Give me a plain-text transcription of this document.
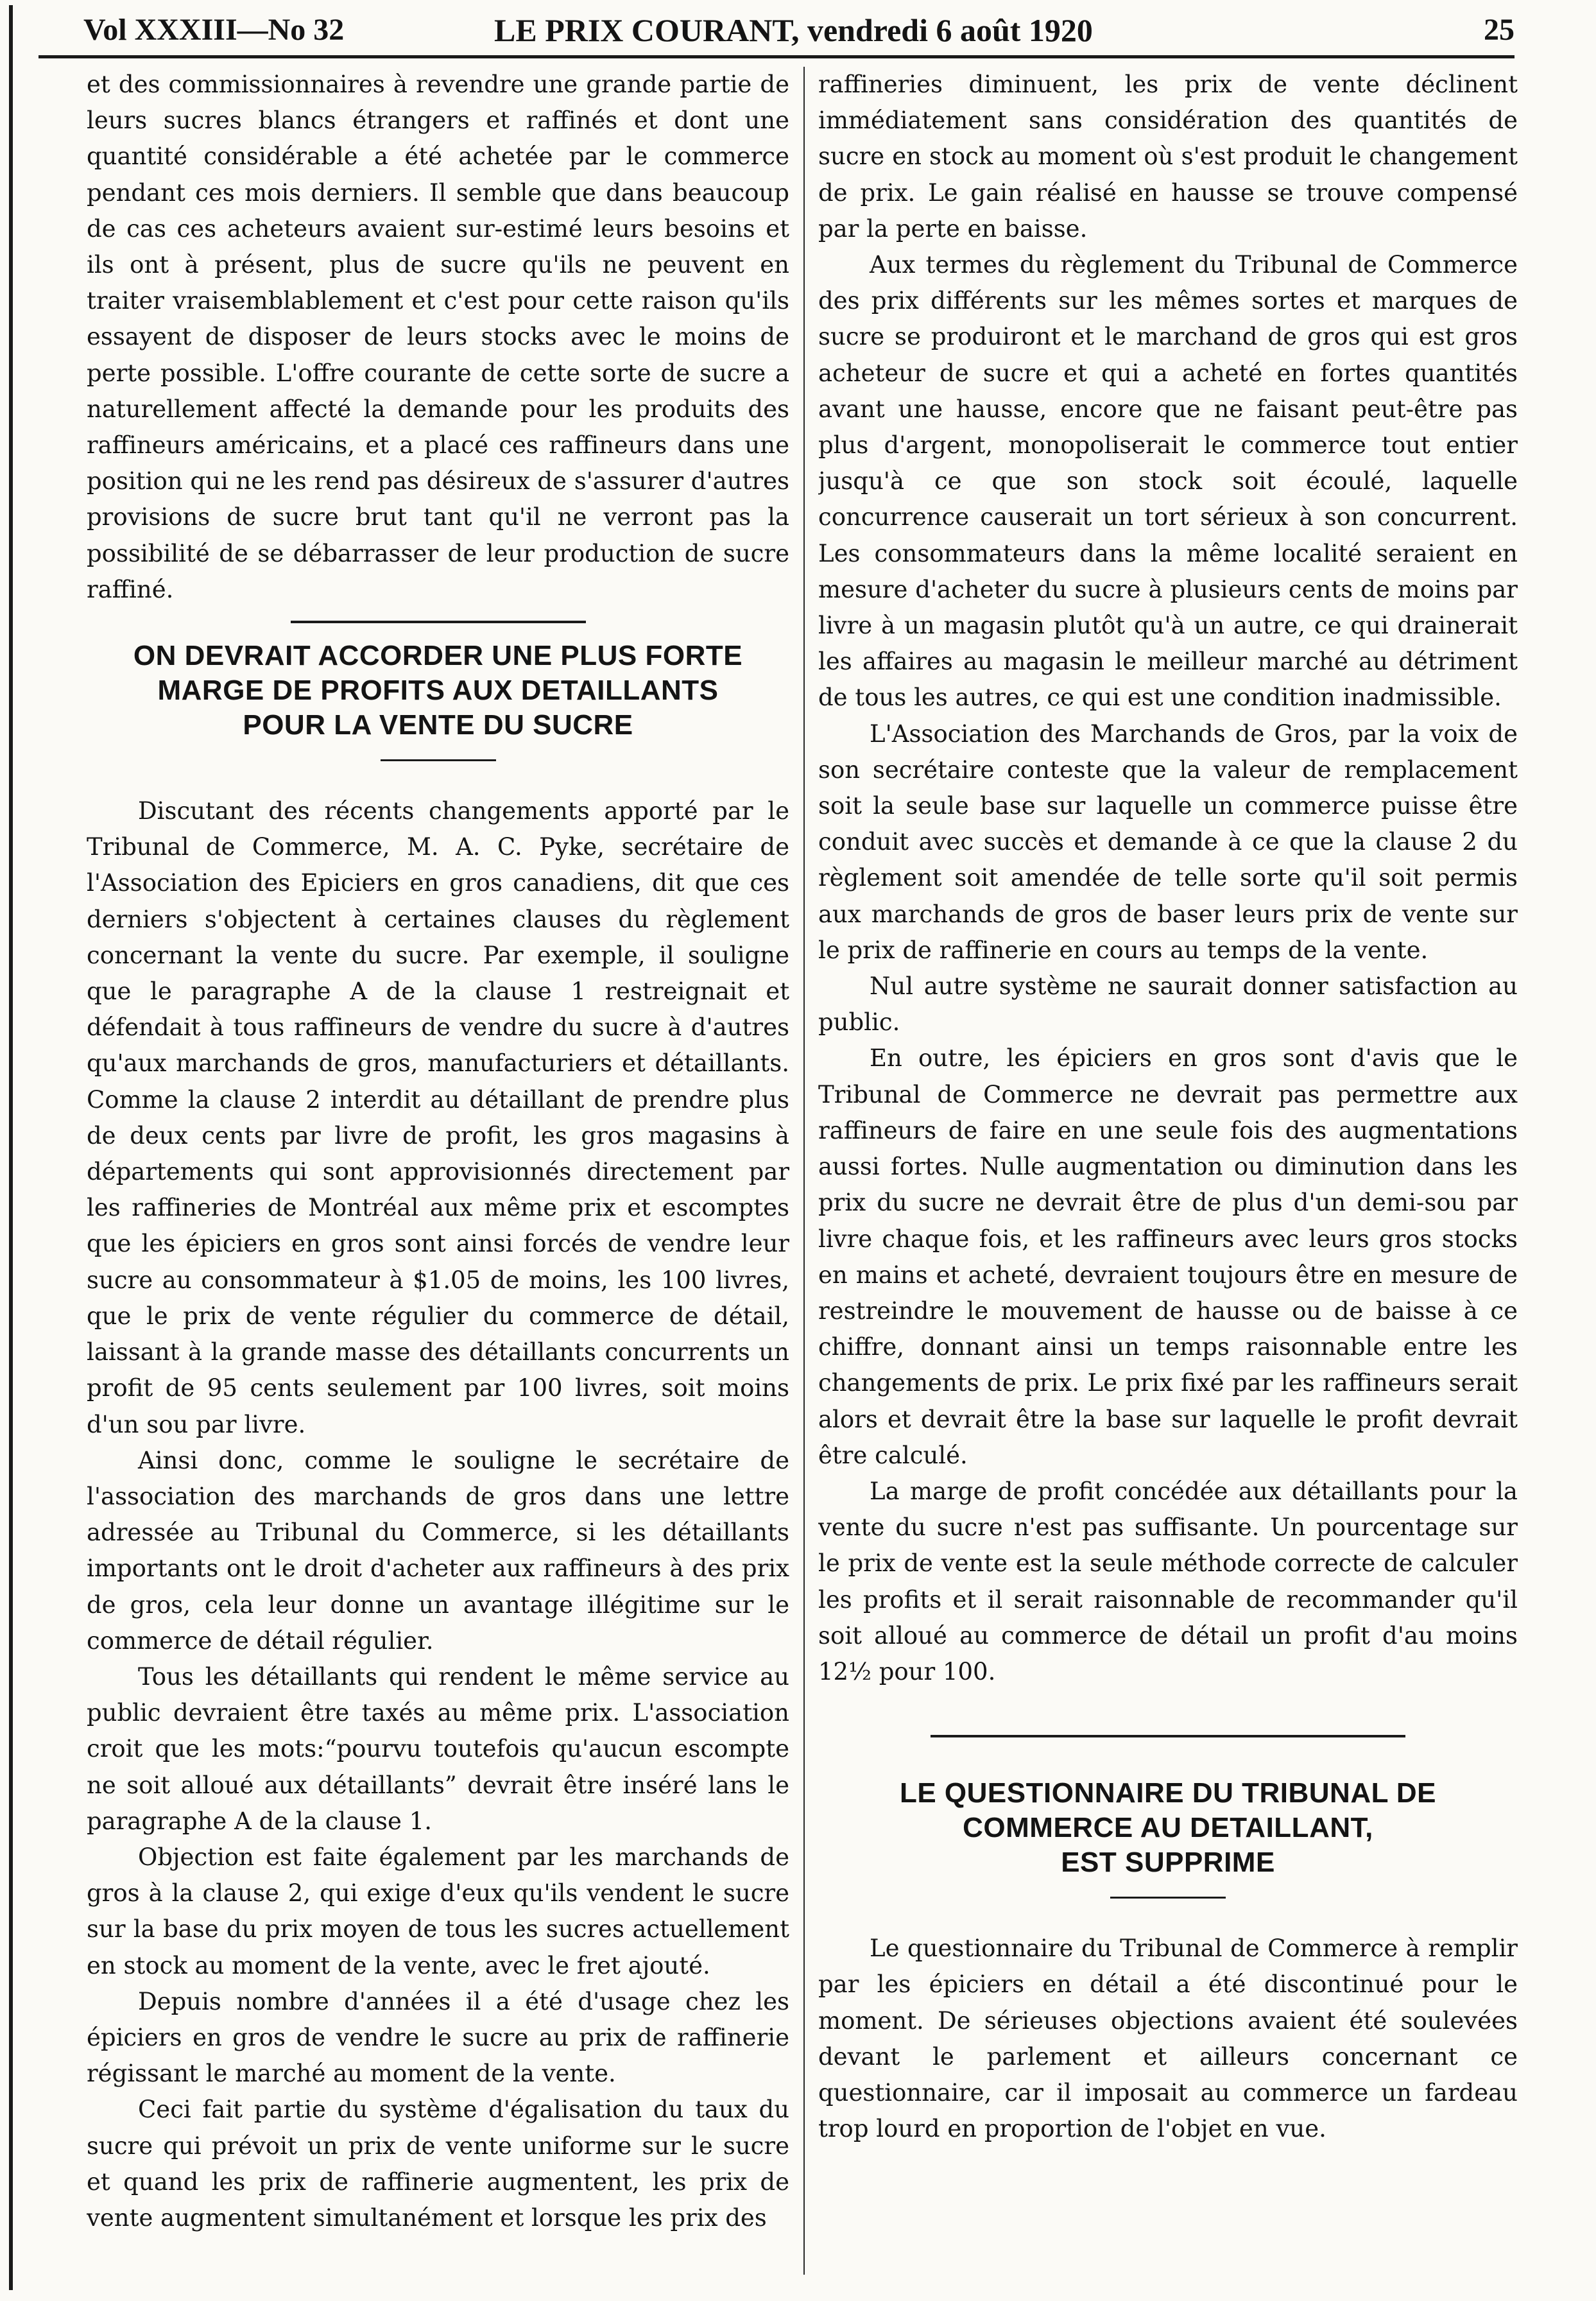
Vol XXXIII—No 32	LE PRIX COURANT, vendredi 6 août 1920	25

et des commissionnaires à revendre une grande partie de leurs sucres blancs étrangers et raffinés et dont une quantité considérable a été achetée par le commerce pendant ces mois derniers. Il semble que dans beaucoup de cas ces acheteurs avaient sur-estimé leurs besoins et ils ont à présent, plus de sucre qu'ils ne peuvent en traiter vraisemblablement et c'est pour cette raison qu'ils essayent de disposer de leurs stocks avec le moins de perte possible. L'offre courante de cette sorte de sucre a naturellement affecté la demande pour les produits des raffineurs américains, et a placé ces raffineurs dans une position qui ne les rend pas désireux de s'assurer d'autres provisions de sucre brut tant qu'il ne verront pas la possibilité de se débarrasser de leur production de sucre raffiné.

ON DEVRAIT ACCORDER UNE PLUS FORTE
MARGE DE PROFITS AUX DETAILLANTS
POUR LA VENTE DU SUCRE

Discutant des récents changements apporté par le Tribunal de Commerce, M. A. C. Pyke, secrétaire de l'Association des Epiciers en gros canadiens, dit que ces derniers s'objectent à certaines clauses du règlement concernant la vente du sucre. Par exemple, il souligne que le paragraphe A de la clause 1 restreignait et défendait à tous raffineurs de vendre du sucre à d'autres qu'aux marchands de gros, manufacturiers et détaillants. Comme la clause 2 interdit au détaillant de prendre plus de deux cents par livre de profit, les gros magasins à départements qui sont approvisionnés directement par les raffineries de Montréal aux même prix et escomptes que les épiciers en gros sont ainsi forcés de vendre leur sucre au consommateur à $1.05 de moins, les 100 livres, que le prix de vente régulier du commerce de détail, laissant à la grande masse des détaillants concurrents un profit de 95 cents seulement par 100 livres, soit moins d'un sou par livre.

Ainsi donc, comme le souligne le secrétaire de l'association des marchands de gros dans une lettre adressée au Tribunal du Commerce, si les détaillants importants ont le droit d'acheter aux raffineurs à des prix de gros, cela leur donne un avantage illégitime sur le commerce de détail régulier.

Tous les détaillants qui rendent le même service au public devraient être taxés au même prix. L'association croit que les mots:“pourvu toutefois qu'aucun escompte ne soit alloué aux détaillants” devrait être inséré lans le paragraphe A de la clause 1.

Objection est faite également par les marchands de gros à la clause 2, qui exige d'eux qu'ils vendent le sucre sur la base du prix moyen de tous les sucres actuellement en stock au moment de la vente, avec le fret ajouté.

Depuis nombre d'années il a été d'usage chez les épiciers en gros de vendre le sucre au prix de raffinerie régissant le marché au moment de la vente.

Ceci fait partie du système d'égalisation du taux du sucre qui prévoit un prix de vente uniforme sur le sucre et quand les prix de raffinerie augmentent, les prix de vente augmentent simultanément et lorsque les prix des

raffineries diminuent, les prix de vente déclinent immédiatement sans considération des quantités de sucre en stock au moment où s'est produit le changement de prix. Le gain réalisé en hausse se trouve compensé par la perte en baisse.

Aux termes du règlement du Tribunal de Commerce des prix différents sur les mêmes sortes et marques de sucre se produiront et le marchand de gros qui est gros acheteur de sucre et qui a acheté en fortes quantités avant une hausse, encore que ne faisant peut-être pas plus d'argent, monopoliserait le commerce tout entier jusqu'à ce que son stock soit écoulé, laquelle concurrence causerait un tort sérieux à son concurrent. Les consommateurs dans la même localité seraient en mesure d'acheter du sucre à plusieurs cents de moins par livre à un magasin plutôt qu'à un autre, ce qui drainerait les affaires au magasin le meilleur marché au détriment de tous les autres, ce qui est une condition inadmissible.

L'Association des Marchands de Gros, par la voix de son secrétaire conteste que la valeur de remplacement soit la seule base sur laquelle un commerce puisse être conduit avec succès et demande à ce que la clause 2 du règlement soit amendée de telle sorte qu'il soit permis aux marchands de gros de baser leurs prix de vente sur le prix de raffinerie en cours au temps de la vente.

Nul autre système ne saurait donner satisfaction au public.

En outre, les épiciers en gros sont d'avis que le Tribunal de Commerce ne devrait pas permettre aux raffineurs de faire en une seule fois des augmentations aussi fortes. Nulle augmentation ou diminution dans les prix du sucre ne devrait être de plus d'un demi-sou par livre chaque fois, et les raffineurs avec leurs gros stocks en mains et acheté, devraient toujours être en mesure de restreindre le mouvement de hausse ou de baisse à ce chiffre, donnant ainsi un temps raisonnable entre les changements de prix. Le prix fixé par les raffineurs serait alors et devrait être la base sur laquelle le profit devrait être calculé.

La marge de profit concédée aux détaillants pour la vente du sucre n'est pas suffisante. Un pourcentage sur le prix de vente est la seule méthode correcte de calculer les profits et il serait raisonnable de recommander qu'il soit alloué au commerce de détail un profit d'au moins 12½ pour 100.

LE QUESTIONNAIRE DU TRIBUNAL DE
COMMERCE AU DETAILLANT,
EST SUPPRIME

Le questionnaire du Tribunal de Commerce à remplir par les épiciers en détail a été discontinué pour le moment. De sérieuses objections avaient été soulevées devant le parlement et ailleurs concernant ce questionnaire, car il imposait au commerce un fardeau trop lourd en proportion de l'objet en vue.
